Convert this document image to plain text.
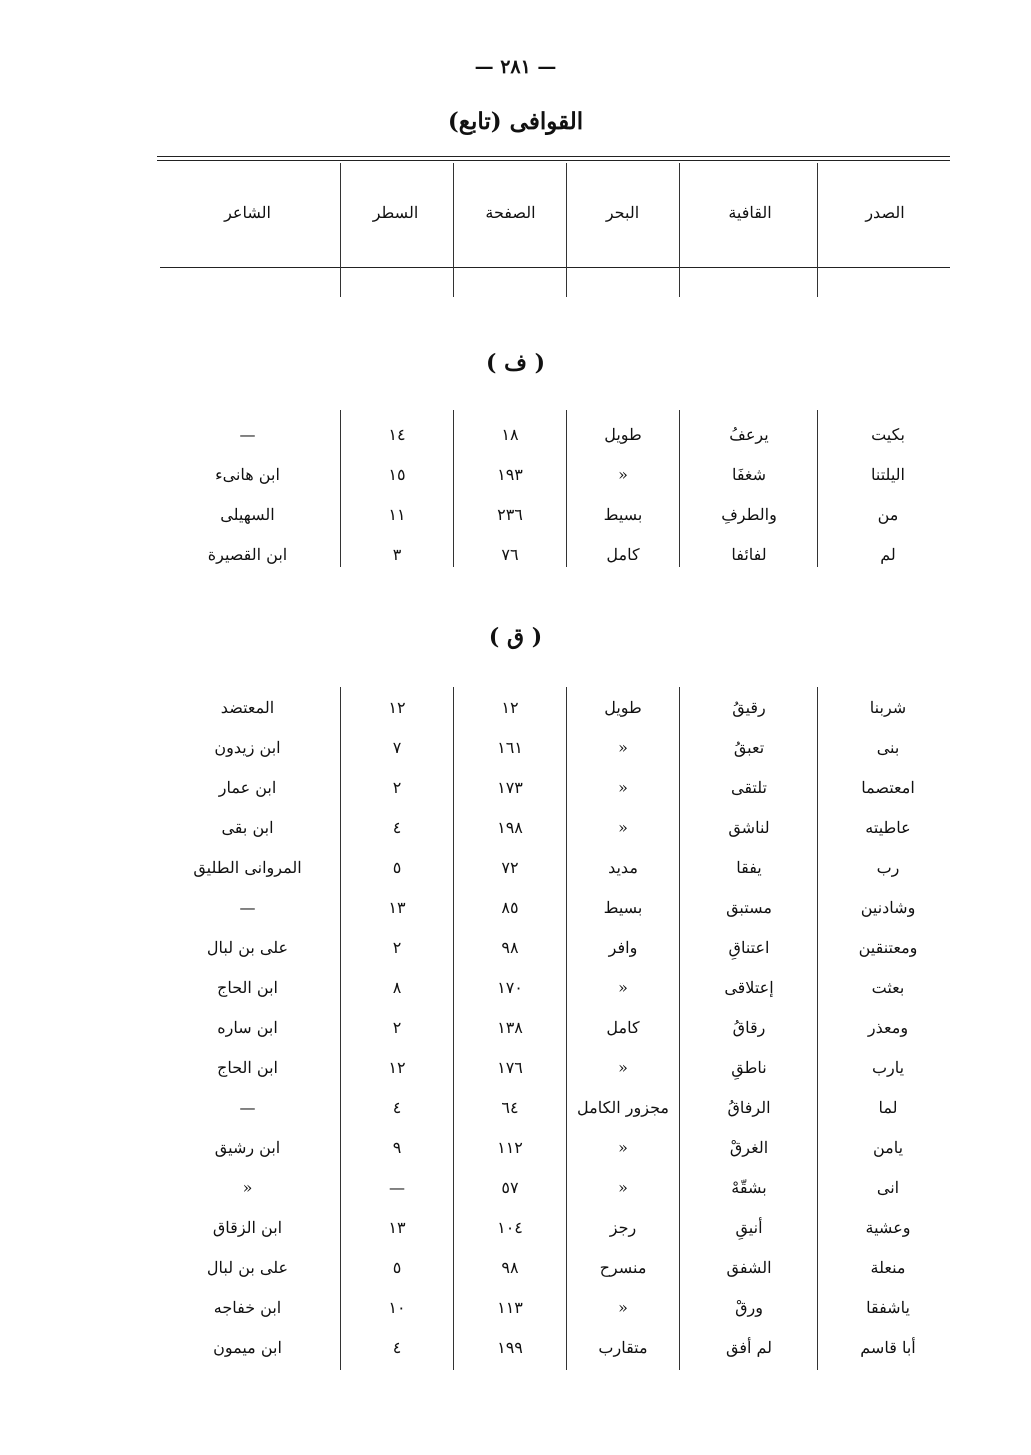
— ٢٨١ —
(تابع) القوافى
الصدر
القافية
البحر
الصفحة
السطر
الشاعر
( ف )
بكيت
يرعفُ
طويل
١٨
١٤
—
اليلتنا
شغفَا
»
١٩٣
١٥
ابن هانىء
من
والطرفِ
بسيط
٢٣٦
١١
السهيلى
لم
لفائفا
كامل
٧٦
٣
ابن القصيرة
( ق )
شربنا
رقيقُ
طويل
١٢
١٢
المعتضد
بنى
تعبقُ
»
١٦١
٧
ابن زيدون
امعتصما
تلتقى
»
١٧٣
٢
ابن عمار
عاطيته
لناشق
»
١٩٨
٤
ابن بقى
رب
يفقا
مديد
٧٢
٥
المروانى الطليق
وشادنين
مستبق
بسيط
٨٥
١٣
—
ومعتنقين
اعتناقِ
وافر
٩٨
٢
على بن لبال
بعثت
إعتلاقى
»
١٧٠
٨
ابن الحاج
ومعذر
رقاقُ
كامل
١٣٨
٢
ابن ساره
يارب
ناطقِ
»
١٧٦
١٢
ابن الحاج
لما
الرفاقُ
مجزور الكامل
٦٤
٤
—
يامن
الغرقْ
»
١١٢
٩
ابن رشيق
انى
بشقّهْ
»
٥٧
—
»
وعشية
أنيقِ
رجز
١٠٤
١٣
ابن الزقاق
منعلة
الشفق
منسرح
٩٨
٥
على بن لبال
ياشفقا
ورقْ
»
١١٣
١٠
ابن خفاجه
أبا قاسم
لم أفق
متقارب
١٩٩
٤
ابن ميمون
